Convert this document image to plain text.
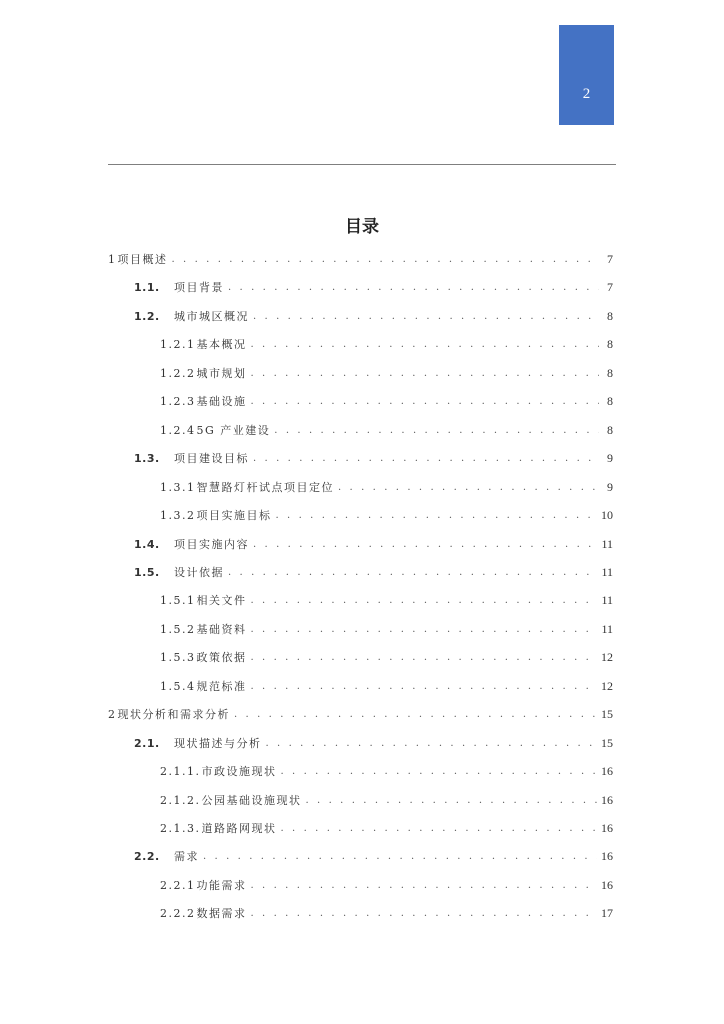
2
目录
1 项目概述 . . .	7
1.1.	项目背景 . . .	7
1.2.	城市城区概况 . . .	8
1.2.1 基本概况 . . .	8
1.2.2 城市规划 . . .	8
1.2.3 基础设施 . . .	8
1.2.4 5G 产业建设 . . .	8
1.3.	项目建设目标 . . .	9
1.3.1 智慧路灯杆试点项目定位 . . .	9
1.3.2 项目实施目标 . . .	10
1.4.	项目实施内容 . . .	11
1.5.	设计依据 . . .	11
1.5.1 相关文件 . . .	11
1.5.2 基础资料 . . .	11
1.5.3 政策依据 . . .	12
1.5.4 规范标准 . . .	12
2 现状分析和需求分析 . . .	15
2.1.	现状描述与分析 . . .	15
2.1.1. 市政设施现状 . . .	16
2.1.2. 公园基础设施现状 . . .	16
2.1.3. 道路路网现状 . . .	16
2.2.	需求 . . .	16
2.2.1 功能需求 . . .	16
2.2.2 数据需求 . . .	17
